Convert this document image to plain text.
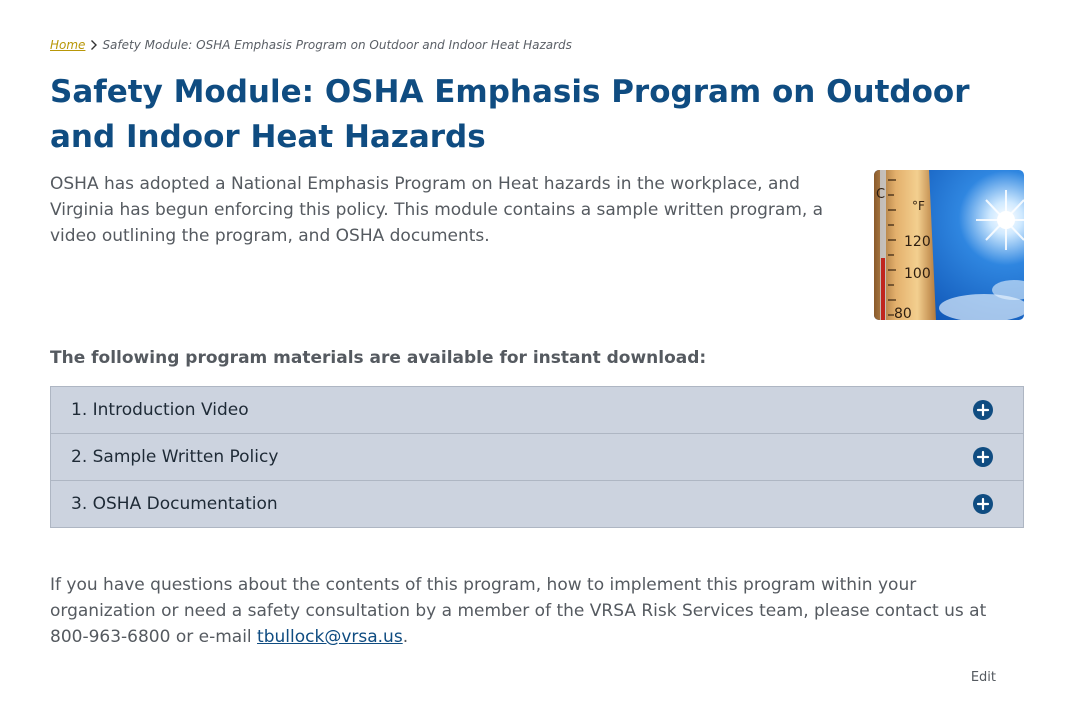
Home Safety Module: OSHA Emphasis Program on Outdoor and Indoor Heat Hazards
Safety Module: OSHA Emphasis Program on Outdoor and Indoor Heat Hazards

OSHA has adopted a National Emphasis Program on Heat hazards in the workplace, and Virginia has begun enforcing this policy. This module contains a sample written program, a video outlining the program, and OSHA documents.

C
°F
120
100
80
The following program materials are available for instant download:
1. Introduction Video
2. Sample Written Policy
3. OSHA Documentation

If you have questions about the contents of this program, how to implement this program within your organization or need a safety consultation by a member of the VRSA Risk Services team, please contact us at 800-963-6800 or e-mail tbullock@vrsa.us.

Edit
